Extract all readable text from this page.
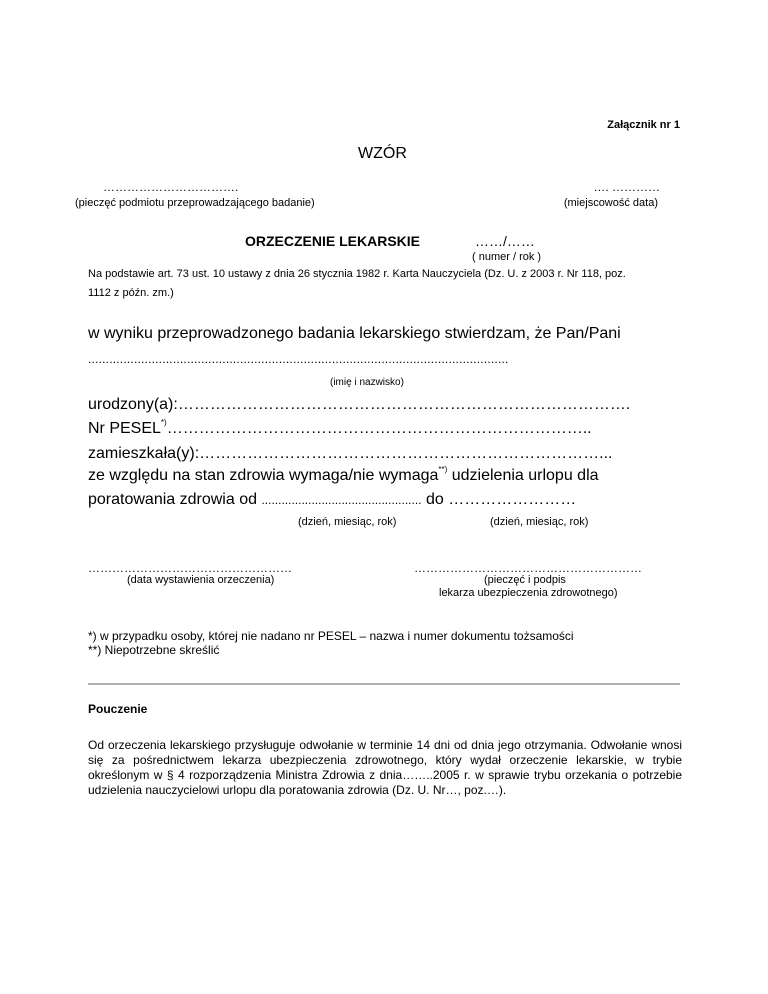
Załącznik nr 1
WZÓR
…………………………….
(pieczęć podmiotu przeprowadzającego badanie)
…. …………
(miejscowość data)
ORZECZENIE LEKARSKIE	……/……
( numer / rok )
Na podstawie art. 73 ust. 10 ustawy z dnia 26 stycznia 1982 r. Karta Nauczyciela (Dz. U. z 2003 r. Nr 118, poz.
1112 z późn. zm.)
w wyniku przeprowadzonego badania lekarskiego stwierdzam, że Pan/Pani
.......................................................................................................................
(imię i nazwisko)
urodzony(a):………………………………………………………………………….
Nr PESEL*)……………………………………………………………………..
zamieszkała(y):…………………………………………………………………...
ze względu na stan zdrowia wymaga/nie wymaga**) udzielenia urlopu dla
poratowania zdrowia od ................................................ do ……………………
(dzień, miesiąc, rok)	(dzień, miesiąc, rok)
……………………………………………
(data wystawienia orzeczenia)
…………………………………………………
(pieczęć i podpis
lekarza ubezpieczenia zdrowotnego)
*) w przypadku osoby, której nie nadano nr PESEL – nazwa i numer dokumentu tożsamości
**) Niepotrzebne skreślić
Pouczenie
Od orzeczenia lekarskiego przysługuje odwołanie w terminie 14 dni od dnia jego otrzymania. Odwołanie wnosi się za pośrednictwem lekarza ubezpieczenia zdrowotnego, który wydał orzeczenie lekarskie, w trybie określonym w § 4 rozporządzenia Ministra Zdrowia z dnia……..2005 r. w sprawie trybu orzekania o potrzebie udzielenia nauczycielowi urlopu dla poratowania zdrowia (Dz. U. Nr…, poz.…).
